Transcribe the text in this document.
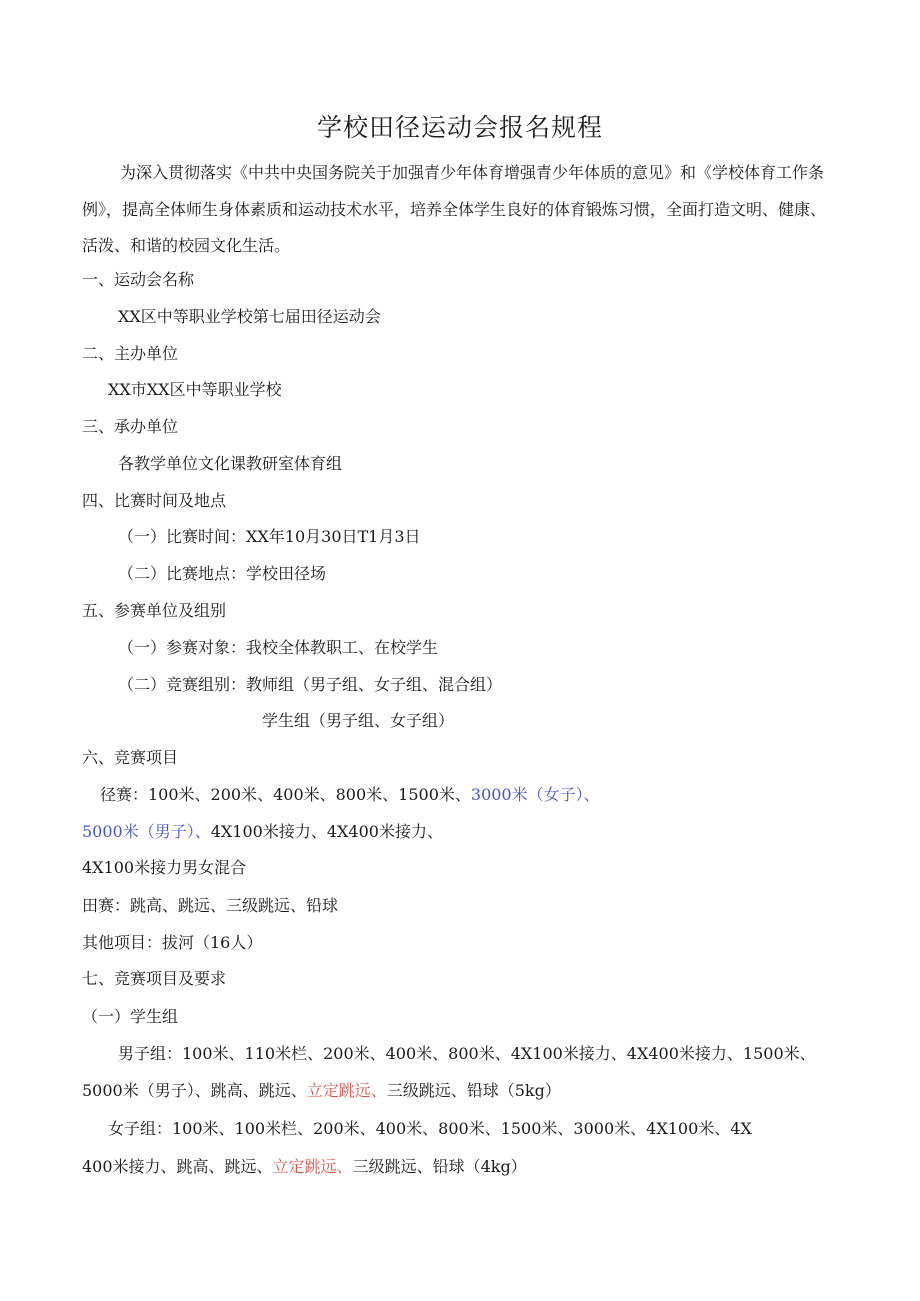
学校田径运动会报名规程
为深入贯彻落实《中共中央国务院关于加强青少年体育增强青少年体质的意见》和《学校体育工作条例》，提高全体师生身体素质和运动技术水平，培养全体学生良好的体育锻炼习惯，全面打造文明、健康、活泼、和谐的校园文化生活。
一、运动会名称
XX区中等职业学校第七届田径运动会
二、主办单位
XX市XX区中等职业学校
三、承办单位
各教学单位文化课教研室体育组
四、比赛时间及地点
（一）比赛时间：XX年10月30日T1月3日
（二）比赛地点：学校田径场
五、参赛单位及组别
（一）参赛对象：我校全体教职工、在校学生
（二）竞赛组别：教师组（男子组、女子组、混合组）
学生组（男子组、女子组）
六、竞赛项目
径赛：100米、200米、400米、800米、1500米、3000米（女子）、
5000米（男子）、4X100米接力、4X400米接力、
4X100米接力男女混合
田赛：跳高、跳远、三级跳远、铅球
其他项目：拔河（16人）
七、竞赛项目及要求
（一）学生组
男子组：100米、110米栏、200米、400米、800米、4X100米接力、4X400米接力、1500米、
5000米（男子）、跳高、跳远、立定跳远、三级跳远、铅球（5kg）
女子组：100米、100米栏、200米、400米、800米、1500米、3000米、4X100米、4X
400米接力、跳高、跳远、立定跳远、三级跳远、铅球（4kg）
